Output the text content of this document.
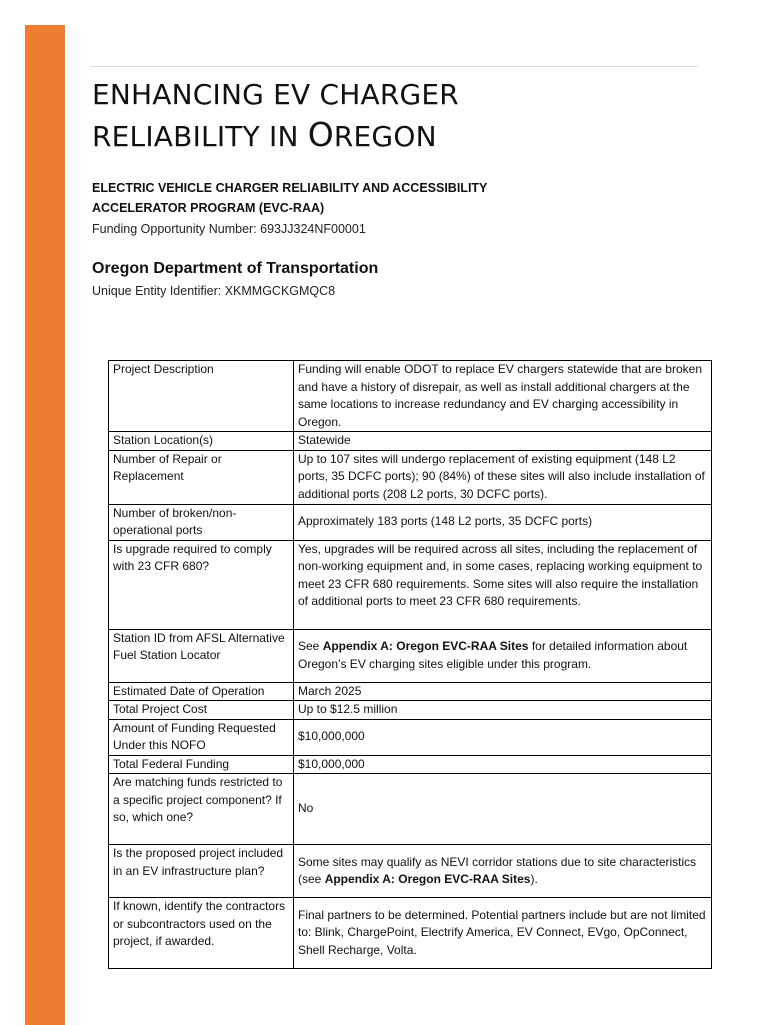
ENHANCING EV CHARGER
RELIABILITY IN OREGON
ELECTRIC VEHICLE CHARGER RELIABILITY AND ACCESSIBILITY
ACCELERATOR PROGRAM (EVC-RAA)
Funding Opportunity Number: 693JJ324NF00001
Oregon Department of Transportation
Unique Entity Identifier: XKMMGCKGMQC8
Project Description	Funding will enable ODOT to replace EV chargers statewide that are broken and have a history of disrepair, as well as install additional chargers at the same locations to increase redundancy and EV charging accessibility in Oregon.
Station Location(s)	Statewide
Number of Repair or Replacement	Up to 107 sites will undergo replacement of existing equipment (148 L2 ports, 35 DCFC ports); 90 (84%) of these sites will also include installation of additional ports (208 L2 ports, 30 DCFC ports).
Number of broken/non-operational ports	Approximately 183 ports (148 L2 ports, 35 DCFC ports)
Is upgrade required to comply with 23 CFR 680?	Yes, upgrades will be required across all sites, including the replacement of non-working equipment and, in some cases, replacing working equipment to meet 23 CFR 680 requirements. Some sites will also require the installation of additional ports to meet 23 CFR 680 requirements.
Station ID from AFSL Alternative Fuel Station Locator	See Appendix A: Oregon EVC-RAA Sites for detailed information about Oregon’s EV charging sites eligible under this program.
Estimated Date of Operation	March 2025
Total Project Cost	Up to $12.5 million
Amount of Funding Requested Under this NOFO	$10,000,000
Total Federal Funding	$10,000,000
Are matching funds restricted to a specific project component? If so, which one?	No
Is the proposed project included in an EV infrastructure plan?	Some sites may qualify as NEVI corridor stations due to site characteristics (see Appendix A: Oregon EVC-RAA Sites).
If known, identify the contractors or subcontractors used on the project, if awarded.	Final partners to be determined. Potential partners include but are not limited to: Blink, ChargePoint, Electrify America, EV Connect, EVgo, OpConnect, Shell Recharge, Volta.
